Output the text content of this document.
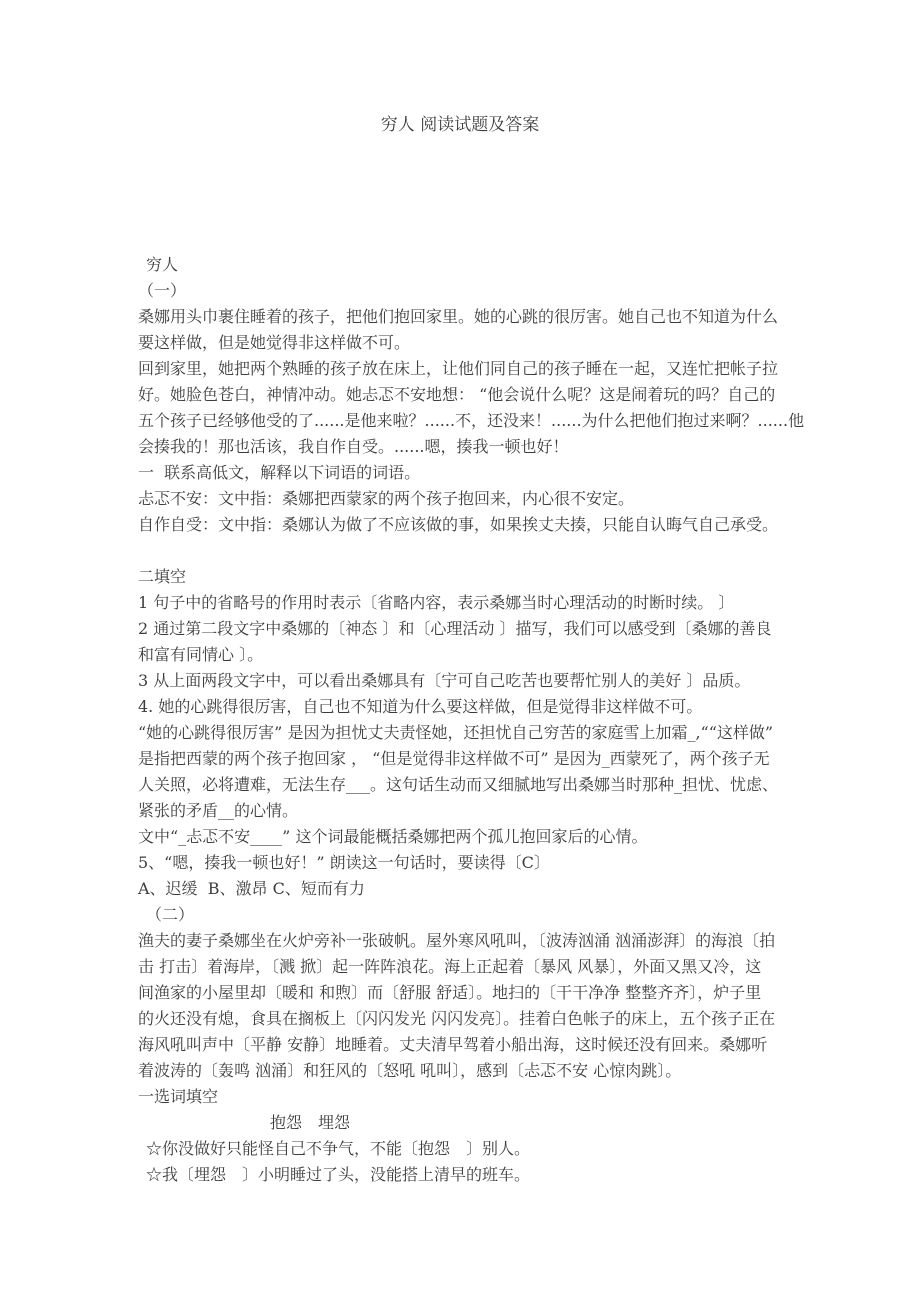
穷人 阅读试题及答案
穷人
（一）
桑娜用头巾裹住睡着的孩子，把他们抱回家里。她的心跳的很厉害。她自己也不知道为什么
要这样做，但是她觉得非这样做不可。
回到家里，她把两个熟睡的孩子放在床上，让他们同自己的孩子睡在一起，又连忙把帐子拉
好。她脸色苍白，神情冲动。她忐忑不安地想： “他会说什么呢？这是闹着玩的吗？自己的
五个孩子已经够他受的了......是他来啦？......不，还没来！......为什么把他们抱过来啊？......他
会揍我的！那也活该，我自作自受。......嗯，揍我一顿也好！
一  联系高低文，解释以下词语的词语。
忐忑不安：文中指：桑娜把西蒙家的两个孩子抱回来，内心很不安定。
自作自受：文中指：桑娜认为做了不应该做的事，如果挨丈夫揍，只能自认晦气自己承受。

二填空
1 句子中的省略号的作用时表示〔省略内容，表示桑娜当时心理活动的时断时续。 〕
2 通过第二段文字中桑娜的〔神态 〕和〔心理活动 〕描写，我们可以感受到〔桑娜的善良
和富有同情心 〕。
3 从上面两段文字中，可以看出桑娜具有〔宁可自己吃苦也要帮忙别人的美好 〕品质。
4. 她的心跳得很厉害，自己也不知道为什么要这样做，但是觉得非这样做不可。
“她的心跳得很厉害” 是因为担忧丈夫责怪她，还担忧自己穷苦的家庭雪上加霜_,““这样做”
是指把西蒙的两个孩子抱回家 ， “但是觉得非这样做不可” 是因为_西蒙死了，两个孩子无
人关照，必将遭难，无法生存___。这句话生动而又细腻地写出桑娜当时那种_担忧、忧虑、
紧张的矛盾__的心情。
文中“_忐忑不安____” 这个词最能概括桑娜把两个孤儿抱回家后的心情。
5、“嗯，揍我一顿也好！” 朗读这一句话时，要读得〔C〕
A、迟缓  B、激昂 C、短而有力
（二）
渔夫的妻子桑娜坐在火炉旁补一张破帆。屋外寒风吼叫，〔波涛汹涌 汹涌澎湃〕的海浪〔拍
击 打击〕着海岸，〔溅 掀〕起一阵阵浪花。海上正起着〔暴风 风暴〕，外面又黑又冷，这
间渔家的小屋里却〔暖和 和煦〕而〔舒服 舒适〕。地扫的〔干干净净 整整齐齐〕，炉子里
的火还没有熄，食具在搁板上〔闪闪发光 闪闪发亮〕。挂着白色帐子的床上，五个孩子正在
海风吼叫声中〔平静 安静〕地睡着。丈夫清早驾着小船出海，这时候还没有回来。桑娜听
着波涛的〔轰鸣 汹涌〕和狂风的〔怒吼 吼叫〕，感到〔忐忑不安 心惊肉跳〕。
一选词填空
抱怨　埋怨
☆你没做好只能怪自己不争气，不能〔抱怨　〕别人。
☆我〔埋怨　〕小明睡过了头，没能搭上清早的班车。
